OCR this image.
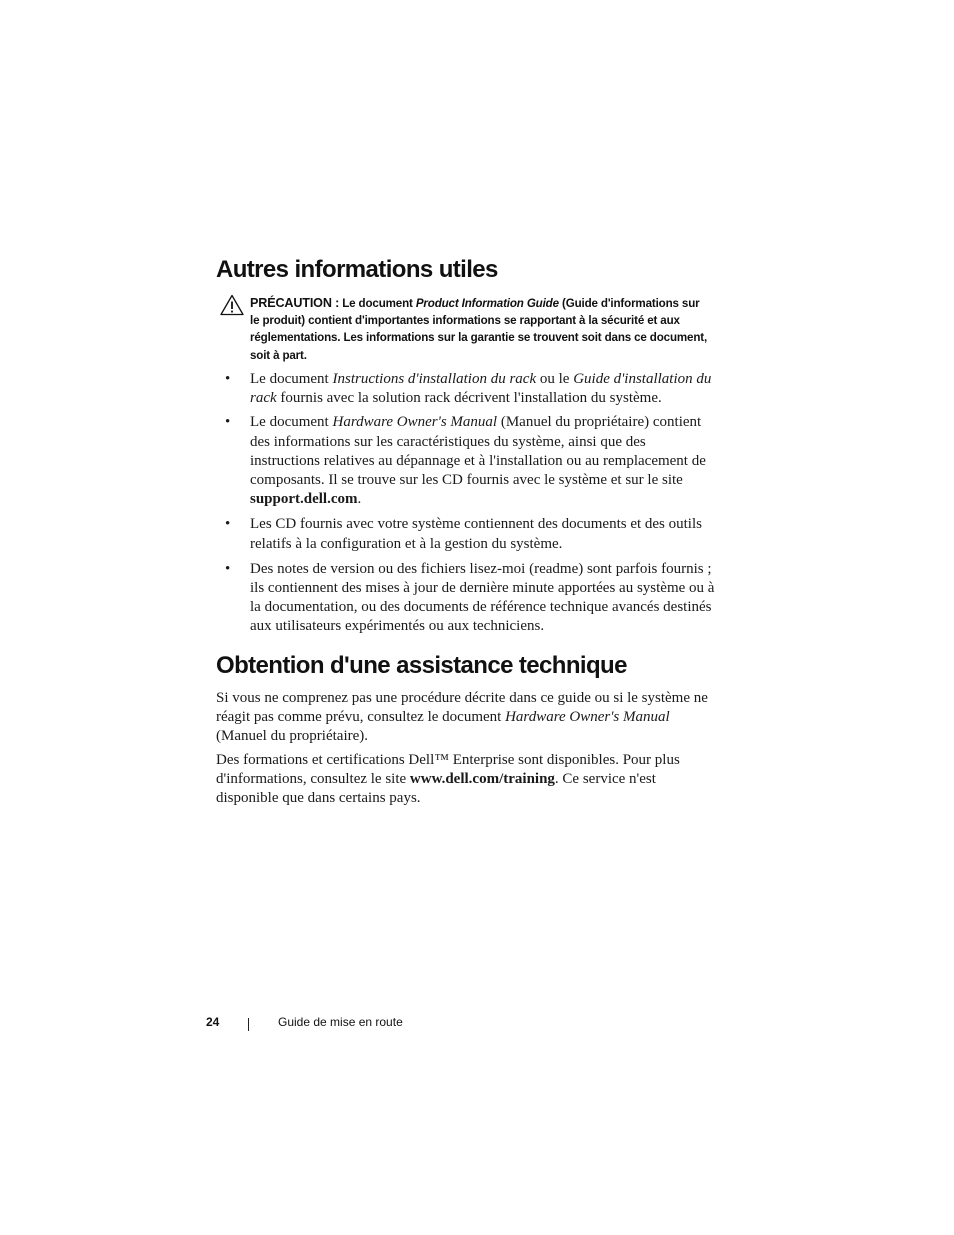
Autres informations utiles
PRÉCAUTION : Le document Product Information Guide (Guide d'informations sur le produit) contient d'importantes informations se rapportant à la sécurité et aux réglementations. Les informations sur la garantie se trouvent soit dans ce document, soit à part.
• Le document Instructions d'installation du rack ou le Guide d'installation du rack fournis avec la solution rack décrivent l'installation du système.
• Le document Hardware Owner's Manual (Manuel du propriétaire) contient des informations sur les caractéristiques du système, ainsi que des instructions relatives au dépannage et à l'installation ou au remplacement de composants. Il se trouve sur les CD fournis avec le système et sur le site support.dell.com.
• Les CD fournis avec votre système contiennent des documents et des outils relatifs à la configuration et à la gestion du système.
• Des notes de version ou des fichiers lisez-moi (readme) sont parfois fournis ; ils contiennent des mises à jour de dernière minute apportées au système ou à la documentation, ou des documents de référence technique avancés destinés aux utilisateurs expérimentés ou aux techniciens.
Obtention d'une assistance technique

Si vous ne comprenez pas une procédure décrite dans ce guide ou si le système ne réagit pas comme prévu, consultez le document Hardware Owner's Manual (Manuel du propriétaire).

Des formations et certifications Dell™ Enterprise sont disponibles. Pour plus d'informations, consultez le site www.dell.com/training. Ce service n'est disponible que dans certains pays.

24	Guide de mise en route
